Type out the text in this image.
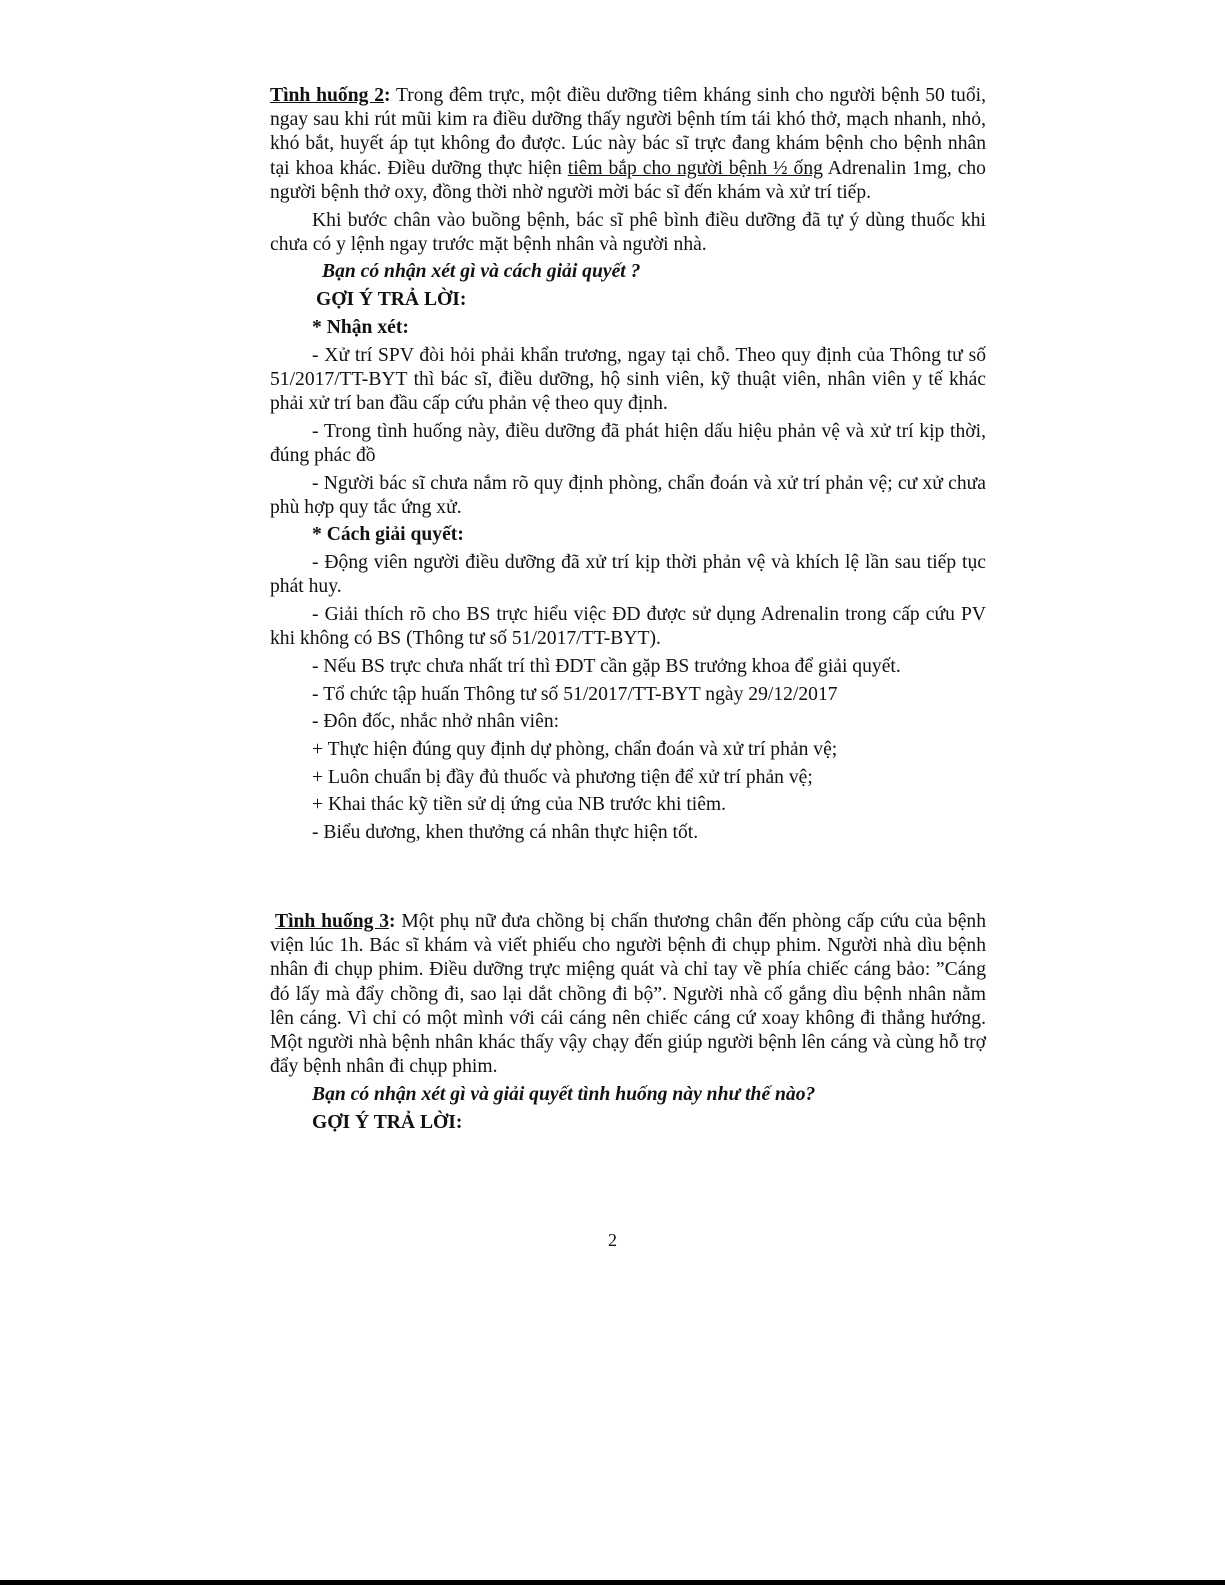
Tình huống 2: Trong đêm trực, một điều dưỡng tiêm kháng sinh cho người bệnh 50 tuổi, ngay sau khi rút mũi kim ra điều dưỡng thấy người bệnh tím tái khó thở, mạch nhanh, nhỏ, khó bắt, huyết áp tụt không đo được. Lúc này bác sĩ trực đang khám bệnh cho bệnh nhân tại khoa khác. Điều dưỡng thực hiện tiêm bắp cho người bệnh ½ ống Adrenalin 1mg, cho người bệnh thở oxy, đồng thời nhờ người mời bác sĩ đến khám và xử trí tiếp.

Khi bước chân vào buồng bệnh, bác sĩ phê bình điều dưỡng đã tự ý dùng thuốc khi chưa có y lệnh ngay trước mặt bệnh nhân và người nhà.

Bạn có nhận xét gì và cách giải quyết ?

GỢI Ý TRẢ LỜI:

* Nhận xét:

- Xử trí SPV đòi hỏi phải khẩn trương, ngay tại chỗ. Theo quy định của Thông tư số 51/2017/TT-BYT thì bác sĩ, điều dưỡng, hộ sinh viên, kỹ thuật viên, nhân viên y tế khác phải xử trí ban đầu cấp cứu phản vệ theo quy định.

- Trong tình huống này, điều dưỡng đã phát hiện dấu hiệu phản vệ và xử trí kịp thời, đúng phác đồ

- Người bác sĩ chưa nắm rõ quy định phòng, chẩn đoán và xử trí phản vệ; cư xử chưa phù hợp quy tắc ứng xử.

* Cách giải quyết:

- Động viên người điều dưỡng đã xử trí kịp thời phản vệ và khích lệ lần sau tiếp tục phát huy.

- Giải thích rõ cho BS trực hiểu việc ĐD được sử dụng Adrenalin trong cấp cứu PV khi không có BS (Thông tư số 51/2017/TT-BYT).

- Nếu BS trực chưa nhất trí thì ĐDT cần gặp BS trưởng khoa để giải quyết.

- Tổ chức tập huấn Thông tư số 51/2017/TT-BYT ngày 29/12/2017

- Đôn đốc, nhắc nhở nhân viên:

+ Thực hiện đúng quy định dự phòng, chẩn đoán và xử trí phản vệ;

+ Luôn chuẩn bị đầy đủ thuốc và phương tiện để xử trí phản vệ;

+ Khai thác kỹ tiền sử dị ứng của NB trước khi tiêm.

- Biểu dương, khen thưởng cá nhân thực hiện tốt.

Tình huống 3: Một phụ nữ đưa chồng bị chấn thương chân đến phòng cấp cứu của bệnh viện lúc 1h. Bác sĩ khám và viết phiếu cho người bệnh đi chụp phim. Người nhà dìu bệnh nhân đi chụp phim. Điều dưỡng trực miệng quát và chỉ tay về phía chiếc cáng bảo: ”Cáng đó lấy mà đẩy chồng đi, sao lại dắt chồng đi bộ”. Người nhà cố gắng dìu bệnh nhân nằm lên cáng. Vì chỉ có một mình với cái cáng nên chiếc cáng cứ xoay không đi thẳng hướng. Một người nhà bệnh nhân khác thấy vậy chạy đến giúp người bệnh lên cáng và cùng hỗ trợ đẩy bệnh nhân đi chụp phim.

Bạn có nhận xét gì và giải quyết tình huống này như thế nào?

GỢI Ý TRẢ LỜI:

2
